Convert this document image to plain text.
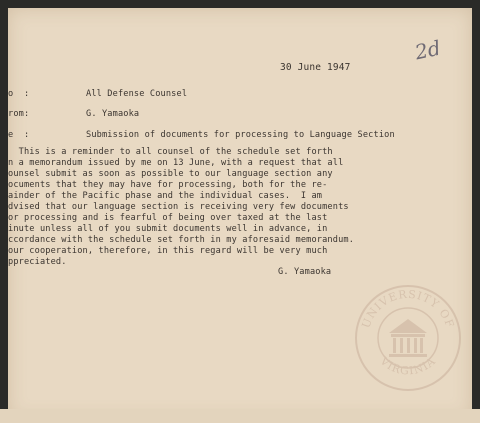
30 June 1947
2d
o  :	All Defense Counsel
rom:	G. Yamaoka
e  :	Submission of documents for processing to Language Section
This is a reminder to all counsel of the schedule set forth
n a memorandum issued by me on 13 June, with a request that all
ounsel submit as soon as possible to our language section any
ocuments that they may have for processing, both for the re-
ainder of the Pacific phase and the individual cases.  I am
dvised that our language section is receiving very few documents
or processing and is fearful of being over taxed at the last
inute unless all of you submit documents well in advance, in
ccordance with the schedule set forth in my aforesaid memorandum.
our cooperation, therefore, in this regard will be very much
ppreciated.
G. Yamaoka
UNIVERSITY OF
VIRGINIA
